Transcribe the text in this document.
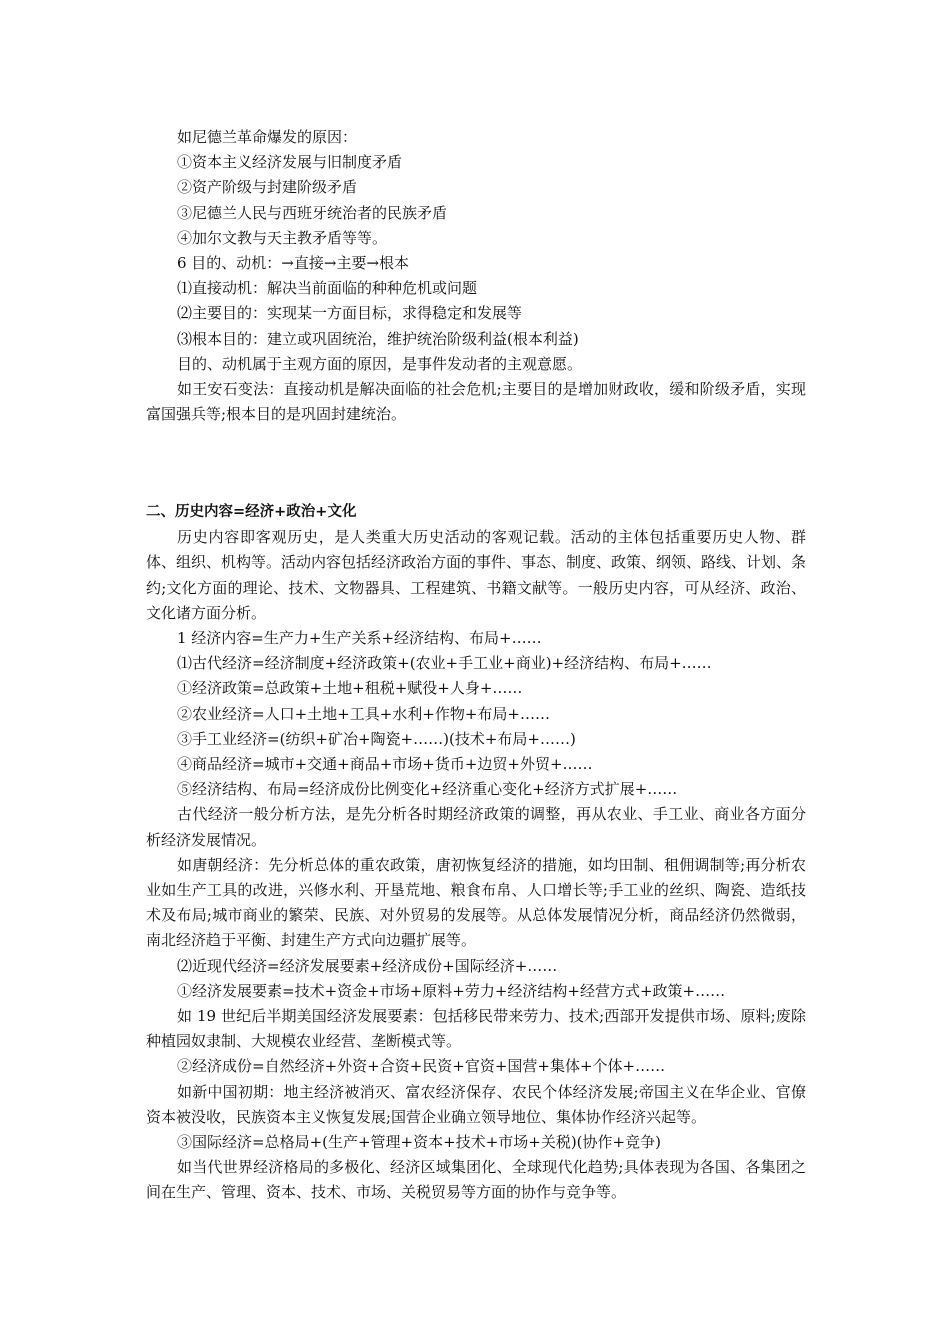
如尼德兰革命爆发的原因：

①资本主义经济发展与旧制度矛盾

②资产阶级与封建阶级矛盾

③尼德兰人民与西班牙统治者的民族矛盾

④加尔文教与天主教矛盾等等。

6 目的、动机：→直接→主要→根本

⑴直接动机：解决当前面临的种种危机或问题

⑵主要目的：实现某一方面目标，求得稳定和发展等

⑶根本目的：建立或巩固统治，维护统治阶级利益(根本利益)

目的、动机属于主观方面的原因，是事件发动者的主观意愿。

如王安石变法：直接动机是解决面临的社会危机;主要目的是增加财政收，缓和阶级矛盾，实现富国强兵等;根本目的是巩固封建统治。

二、历史内容=经济+政治+文化

历史内容即客观历史，是人类重大历史活动的客观记载。活动的主体包括重要历史人物、群体、组织、机构等。活动内容包括经济政治方面的事件、事态、制度、政策、纲领、路线、计划、条约;文化方面的理论、技术、文物器具、工程建筑、书籍文献等。一般历史内容，可从经济、政治、文化诸方面分析。

1 经济内容=生产力+生产关系+经济结构、布局+……

⑴古代经济=经济制度+经济政策+(农业+手工业+商业)+经济结构、布局+……

①经济政策=总政策+土地+租税+赋役+人身+……

②农业经济=人口+土地+工具+水利+作物+布局+……

③手工业经济=(纺织+矿冶+陶瓷+……)(技术+布局+……)

④商品经济=城市+交通+商品+市场+货币+边贸+外贸+……

⑤经济结构、布局=经济成份比例变化+经济重心变化+经济方式扩展+……

古代经济一般分析方法，是先分析各时期经济政策的调整，再从农业、手工业、商业各方面分析经济发展情况。

如唐朝经济：先分析总体的重农政策，唐初恢复经济的措施，如均田制、租佣调制等;再分析农业如生产工具的改进，兴修水利、开垦荒地、粮食布帛、人口增长等;手工业的丝织、陶瓷、造纸技术及布局;城市商业的繁荣、民族、对外贸易的发展等。从总体发展情况分析，商品经济仍然微弱，南北经济趋于平衡、封建生产方式向边疆扩展等。

⑵近现代经济=经济发展要素+经济成份+国际经济+……

①经济发展要素=技术+资金+市场+原料+劳力+经济结构+经营方式+政策+……

如 19 世纪后半期美国经济发展要素：包括移民带来劳力、技术;西部开发提供市场、原料;废除种植园奴隶制、大规模农业经营、垄断模式等。

②经济成份=自然经济+外资+合资+民资+官资+国营+集体+个体+……

如新中国初期：地主经济被消灭、富农经济保存、农民个体经济发展;帝国主义在华企业、官僚资本被没收，民族资本主义恢复发展;国营企业确立领导地位、集体协作经济兴起等。

③国际经济=总格局+(生产+管理+资本+技术+市场+关税)(协作+竞争)

如当代世界经济格局的多极化、经济区域集团化、全球现代化趋势;具体表现为各国、各集团之间在生产、管理、资本、技术、市场、关税贸易等方面的协作与竞争等。
